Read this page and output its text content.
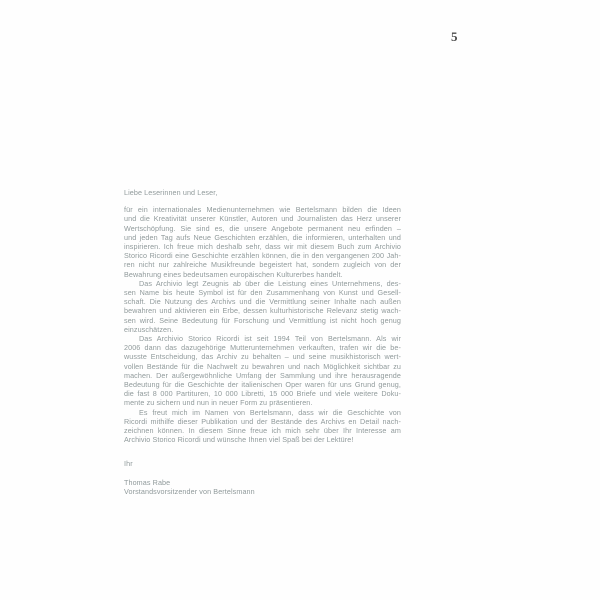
5
Liebe Leserinnen und Leser,
für ein internationales Medienunternehmen wie Bertelsmann bilden die Ideen
und die Kreativität unserer Künstler, Autoren und Journalisten das Herz unserer
Wertschöpfung. Sie sind es, die unsere Angebote permanent neu erfinden –
und jeden Tag aufs Neue Geschichten erzählen, die informieren, unterhalten und
inspirieren. Ich freue mich deshalb sehr, dass wir mit diesem Buch zum Archivio
Storico Ricordi eine Geschichte erzählen können, die in den vergangenen 200 Jah-
ren nicht nur zahlreiche Musikfreunde begeistert hat, sondern zugleich von der
Bewahrung eines bedeutsamen europäischen Kulturerbes handelt.
Das Archivio legt Zeugnis ab über die Leistung eines Unternehmens, des-
sen Name bis heute Symbol ist für den Zusammenhang von Kunst und Gesell-
schaft. Die Nutzung des Archivs und die Vermittlung seiner Inhalte nach außen
bewahren und aktivieren ein Erbe, dessen kulturhistorische Relevanz stetig wach-
sen wird. Seine Bedeutung für Forschung und Vermittlung ist nicht hoch genug
einzuschätzen.
Das Archivio Storico Ricordi ist seit 1994 Teil von Bertelsmann. Als wir
2006 dann das dazugehörige Mutterunternehmen verkauften, trafen wir die be-
wusste Entscheidung, das Archiv zu behalten – und seine musikhistorisch wert-
vollen Bestände für die Nachwelt zu bewahren und nach Möglichkeit sichtbar zu
machen. Der außergewöhnliche Umfang der Sammlung und ihre herausragende
Bedeutung für die Geschichte der italienischen Oper waren für uns Grund genug,
die fast 8 000 Partituren, 10 000 Libretti, 15 000 Briefe und viele weitere Doku-
mente zu sichern und nun in neuer Form zu präsentieren.
Es freut mich im Namen von Bertelsmann, dass wir die Geschichte von
Ricordi mithilfe dieser Publikation und der Bestände des Archivs en Detail nach-
zeichnen können. In diesem Sinne freue ich mich sehr über Ihr Interesse am
Archivio Storico Ricordi und wünsche Ihnen viel Spaß bei der Lektüre!
Ihr
Thomas Rabe
Vorstandsvorsitzender von Bertelsmann
